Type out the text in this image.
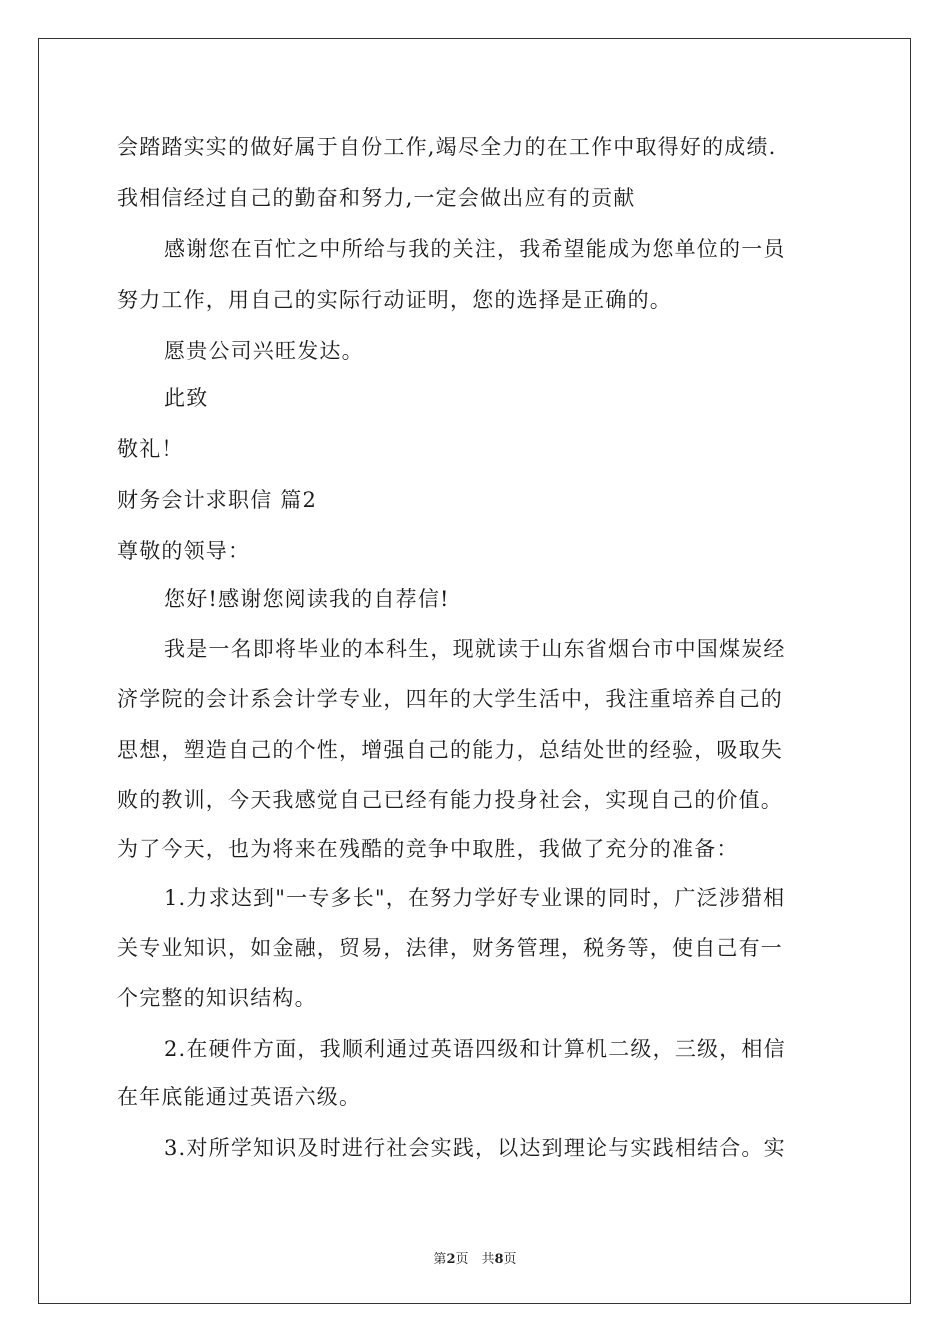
会踏踏实实的做好属于自份工作,竭尽全力的在工作中取得好的成绩.
我相信经过自己的勤奋和努力,一定会做出应有的贡献
感谢您在百忙之中所给与我的关注，我希望能成为您单位的一员
努力工作，用自己的实际行动证明，您的选择是正确的。
愿贵公司兴旺发达。
此致
敬礼！
财务会计求职信 篇2
尊敬的领导：
您好!感谢您阅读我的自荐信!
我是一名即将毕业的本科生，现就读于山东省烟台市中国煤炭经
济学院的会计系会计学专业，四年的大学生活中，我注重培养自己的
思想，塑造自己的个性，增强自己的能力，总结处世的经验，吸取失
败的教训，今天我感觉自己已经有能力投身社会，实现自己的价值。
为了今天，也为将来在残酷的竞争中取胜，我做了充分的准备：
1.力求达到"一专多长"，在努力学好专业课的同时，广泛涉猎相
关专业知识，如金融，贸易，法律，财务管理，税务等，使自己有一
个完整的知识结构。
2.在硬件方面，我顺利通过英语四级和计算机二级，三级，相信
在年底能通过英语六级。
3.对所学知识及时进行社会实践，以达到理论与实践相结合。实
第2页　共8页
